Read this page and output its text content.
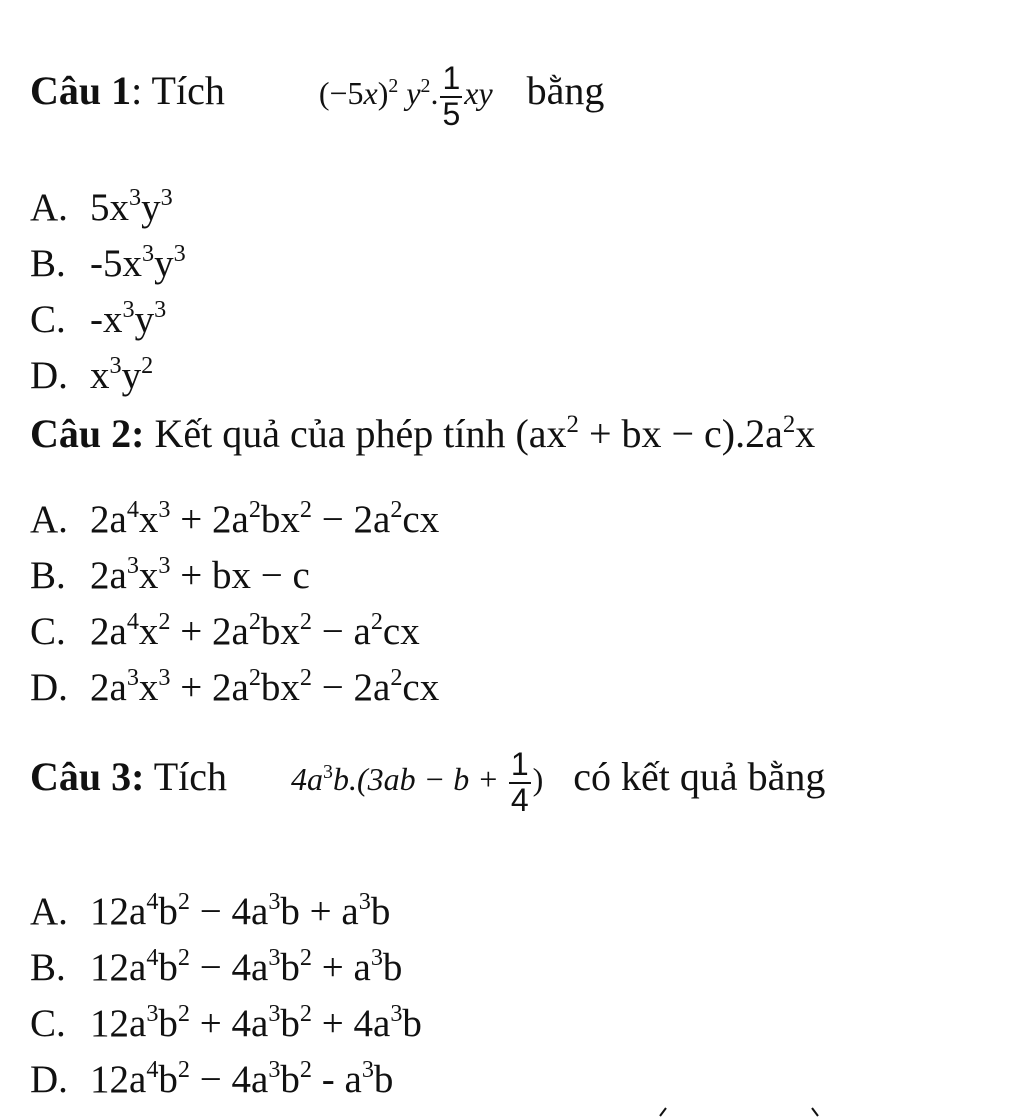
Câu 1: Tích	$(-5x)^2$ $y^2$. $\frac{1}{5}$ xy bằng
A. $5x^3y^3$
B. $-5x^3y^3$
C. $-x^3y^3$
D. $x^3y^2$
Câu 2: Kết quả của phép tính ($ax^2$ + bx − $c).2a^2x$
A. $2a^4x^3 + 2a^2bx^2 - 2a^2cx$
B. $2a^3x^3$ + bx − c
C. $2a^4x^2 + 2a^2bx^2 - a^2cx$
D. $2a^3x^3 + 2a^2bx^2 - 2a^2cx$
Câu 3: Tích $4a^3b.(3ab - b + \frac{1}{4}$ ) có kết quả bằng
A. $12a^4b^2 - 4a^3b + a^3b$
B. $12a^4b^2 - 4a^3b^2 + a^3b$
C. $12a^3b^2 + 4a^3b^2 + 4a^3b$
D. $12a^4b^2 - 4a^3b^2 - a^3b$
